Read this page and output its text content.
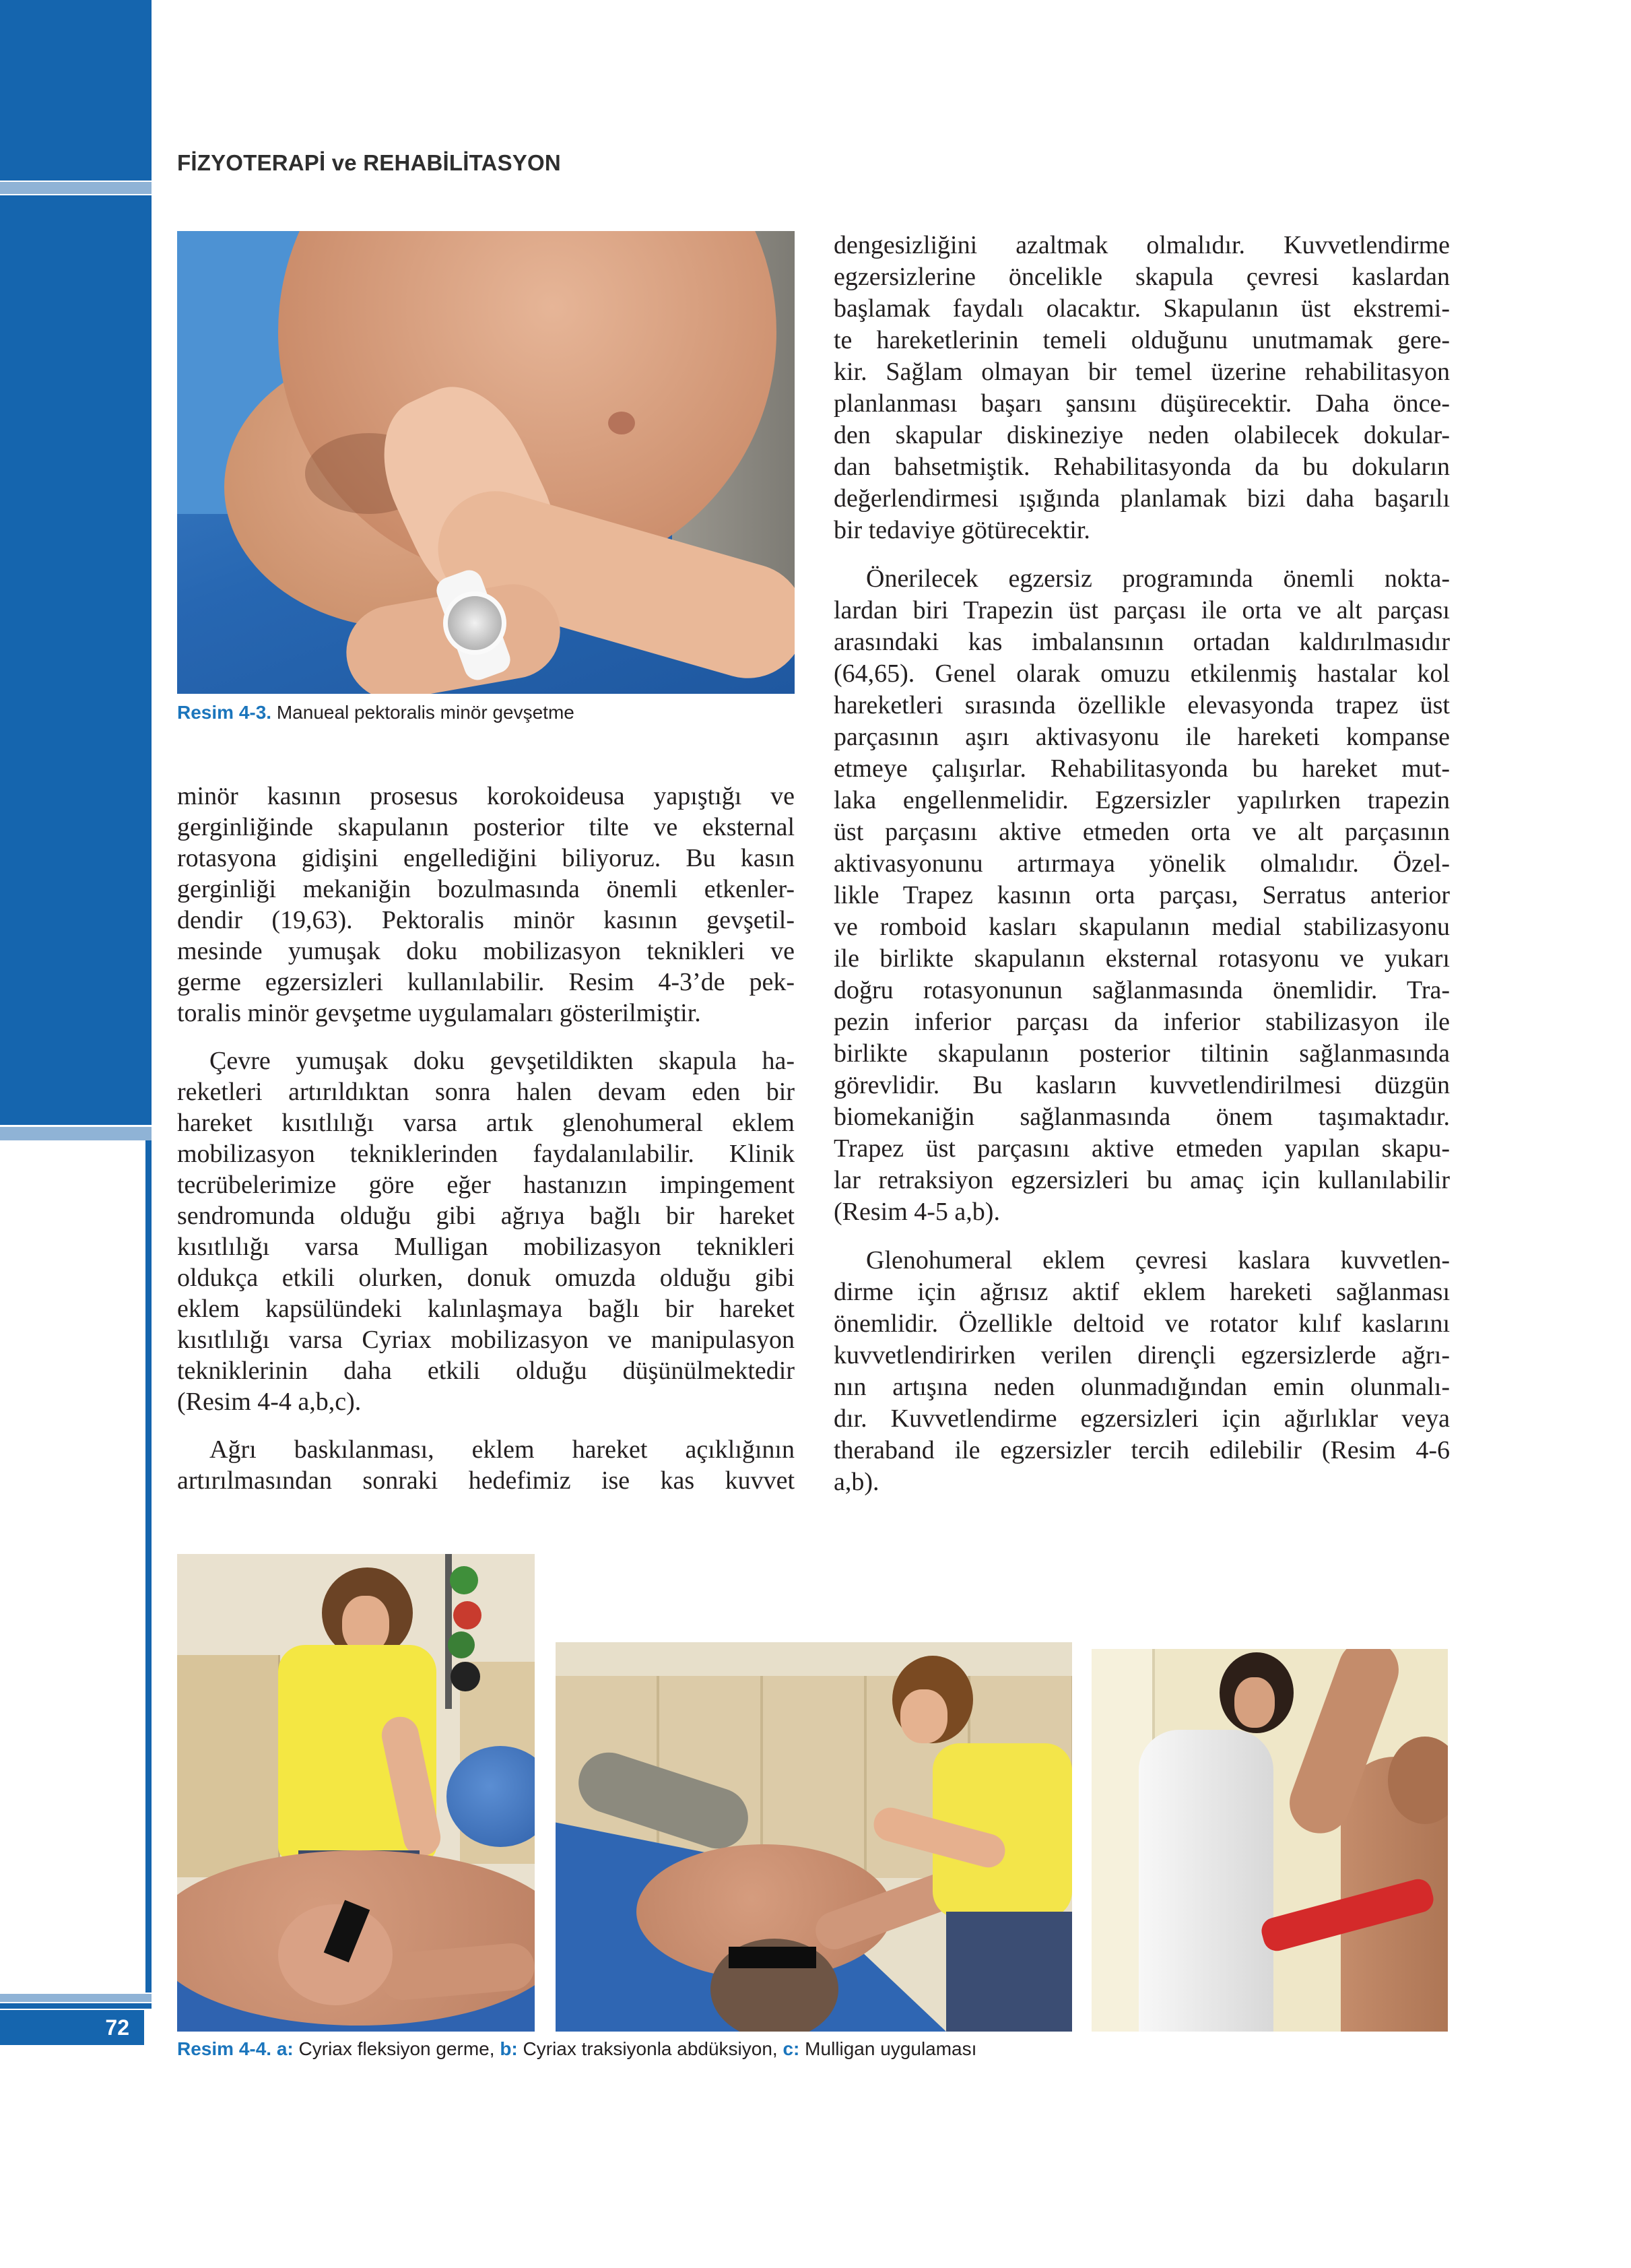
72
FİZYOTERAPİ ve REHABİLİTASYON
Resim 4-3. Manueal pektoralis minör gevşetme

minör kasının prosesus korokoideusa yapıştığı ve
gerginliğinde skapulanın posterior tilte ve eksternal
rotasyona gidişini engellediğini biliyoruz. Bu kasın
gerginliği mekaniğin bozulmasında önemli etkenler-
dendir (19,63). Pektoralis minör kasının gevşetil-
mesinde yumuşak doku mobilizasyon teknikleri ve
germe egzersizleri kullanılabilir. Resim 4-3’de pek-
toralis minör gevşetme uygulamaları gösterilmiştir.

Çevre yumuşak doku gevşetildikten skapula ha-
reketleri artırıldıktan sonra halen devam eden bir
hareket kısıtlılığı varsa artık glenohumeral eklem
mobilizasyon tekniklerinden faydalanılabilir. Klinik
tecrübelerimize göre eğer hastanızın impingement
sendromunda olduğu gibi ağrıya bağlı bir hareket
kısıtlılığı varsa Mulligan mobilizasyon teknikleri
oldukça etkili olurken, donuk omuzda olduğu gibi
eklem kapsülündeki kalınlaşmaya bağlı bir hareket
kısıtlılığı varsa Cyriax mobilizasyon ve manipulasyon
tekniklerinin daha etkili olduğu düşünülmektedir
(Resim 4-4 a,b,c).

Ağrı baskılanması, eklem hareket açıklığının
artırılmasından sonraki hedefimiz ise kas kuvvet

dengesizliğini azaltmak olmalıdır. Kuvvetlendirme
egzersizlerine öncelikle skapula çevresi kaslardan
başlamak faydalı olacaktır. Skapulanın üst ekstremi-
te hareketlerinin temeli olduğunu unutmamak gere-
kir. Sağlam olmayan bir temel üzerine rehabilitasyon
planlanması başarı şansını düşürecektir. Daha önce-
den skapular diskineziye neden olabilecek dokular-
dan bahsetmiştik. Rehabilitasyonda da bu dokuların
değerlendirmesi ışığında planlamak bizi daha başarılı
bir tedaviye götürecektir.

Önerilecek egzersiz programında önemli nokta-
lardan biri Trapezin üst parçası ile orta ve alt parçası
arasındaki kas imbalansının ortadan kaldırılmasıdır
(64,65). Genel olarak omuzu etkilenmiş hastalar kol
hareketleri sırasında özellikle elevasyonda trapez üst
parçasının aşırı aktivasyonu ile hareketi kompanse
etmeye çalışırlar. Rehabilitasyonda bu hareket mut-
laka engellenmelidir. Egzersizler yapılırken trapezin
üst parçasını aktive etmeden orta ve alt parçasının
aktivasyonunu artırmaya yönelik olmalıdır. Özel-
likle Trapez kasının orta parçası, Serratus anterior
ve romboid kasları skapulanın medial stabilizasyonu
ile birlikte skapulanın eksternal rotasyonu ve yukarı
doğru rotasyonunun sağlanmasında önemlidir. Tra-
pezin inferior parçası da inferior stabilizasyon ile
birlikte skapulanın posterior tiltinin sağlanmasında
görevlidir. Bu kasların kuvvetlendirilmesi düzgün
biomekaniğin sağlanmasında önem taşımaktadır.
Trapez üst parçasını aktive etmeden yapılan skapu-
lar retraksiyon egzersizleri bu amaç için kullanılabilir
(Resim 4-5 a,b).

Glenohumeral eklem çevresi kaslara kuvvetlen-
dirme için ağrısız aktif eklem hareketi sağlanması
önemlidir. Özellikle deltoid ve rotator kılıf kaslarını
kuvvetlendirirken verilen dirençli egzersizlerde ağrı-
nın artışına neden olunmadığından emin olunmalı-
dır. Kuvvetlendirme egzersizleri için ağırlıklar veya
theraband ile egzersizler tercih edilebilir (Resim 4-6
a,b).

Resim 4-4. a: Cyriax fleksiyon germe, b: Cyriax traksiyonla abdüksiyon, c: Mulligan uygulaması
